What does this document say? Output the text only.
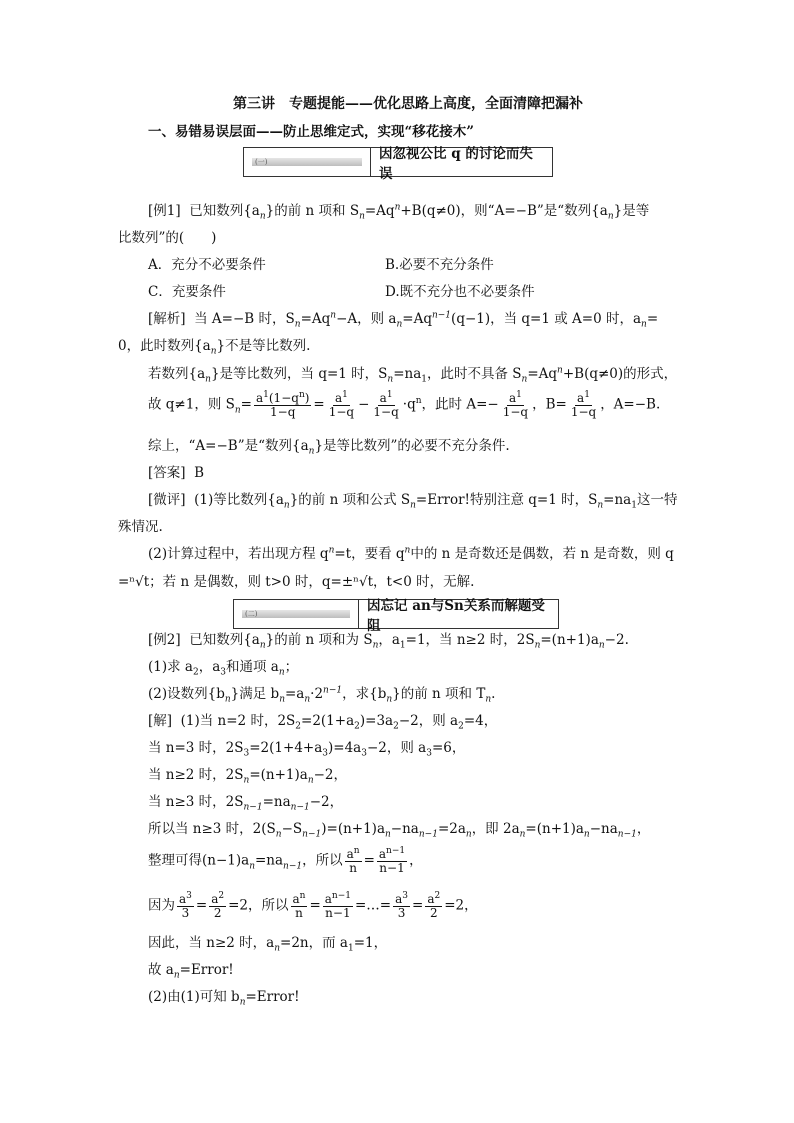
第三讲　专题提能——优化思路上高度，全面清障把漏补
一、易错易误层面——防止思维定式，实现“移花接木”
(一)	因忽视公比 q 的讨论而失误
[例1] 已知数列$\{a_n\}$的前 n 项和 $S_n=Aq^n+B(q\ne 0)$，则“A=−B”是“数列$\{a_n\}$是等
比数列”的(　　)
A．充分不必要条件	B.必要不充分条件
C．充要条件	D.既不充分也不必要条件
[解析] 当 A=−B 时，$S_n=Aq^n-A$，则 $a_n=Aq^{n-1}(q-1)$，当 q=1 或 A=0 时，$a_n=$
0，此时数列$\{a_n\}$不是等比数列.
若数列$\{a_n\}$是等比数列，当 q=1 时，$S_n=na_1$，此时不具备 $S_n=Aq^n+B(q\ne 0)$的形式，
故 q≠1，则 $S_n= \frac{a^1(1-q^n)}{1-q} = \frac{a^1}{1-q} - \frac{a^1}{1-q} \cdot q^n$，此时 $A=- \frac{a^1}{1-q}$ ，$B= \frac{a^1}{1-q}$ ，A=−B.
综上，“A=−B”是“数列$\{a_n\}$是等比数列”的必要不充分条件.
[答案] B
[微评] (1)等比数列$\{a_n\}$的前 n 项和公式 $S_n=Error$!特别注意 q=1 时，$S_n=na_1$这一特
殊情况.
(2)计算过程中，若出现方程 $q^n=t$，要看 $q^n$中的 n 是奇数还是偶数，若 n 是奇数，则 q
=ⁿ√t；若 n 是偶数，则 t>0 时，q=±ⁿ√t，t<0 时，无解.
(二)	因忘记 an与Sn关系而解题受阻
[例2] 已知数列$\{a_n\}$的前 n 项和为 $S_n$，$a_1=1$，当 n≥2 时，$2S_n=(n+1)a_n-2$.
(1)求 $a_2$，$a_3$和通项 $a_n$；
(2)设数列$\{b_n\}$满足 $b_n=a_n\cdot 2^{n-1}$，求$\{b_n\}$的前 n 项和 $T_n$.
[解] (1)当 n=2 时，$2S_2=2(1+a_2)=3a_2-2$，则 $a_2=4$，
当 n=3 时，$2S_3=2(1+4+a_3)=4a_3-2$，则 $a_3=6$，
当 n≥2 时，$2S_n=(n+1)a_n-2$，
当 n≥3 时，$2S_{n-1}=na_{n-1}-2$，
所以当 n≥3 时，$2(S_n-S_{n-1})=(n+1)a_n-na_{n-1}=2a_n$，即 $2a_n=(n+1)a_n-na_{n-1}$，
整理可得$(n-1)a_n=na_{n-1}$，所以 $\frac{a^n}{n} = \frac{a^{n-1}}{n-1}$ ，
因为 $\frac{a^3}{3} = \frac{a^2}{2} =2$，所以 $\frac{a^n}{n} = \frac{a^{n-1}}{n-1}$ =…= $\frac{a^3}{3} = \frac{a^2}{2} =2$，
因此，当 n≥2 时，$a_n=2n$，而 $a_1=1$，
故 $a_n=Error$!
(2)由(1)可知 $b_n=Error$!
